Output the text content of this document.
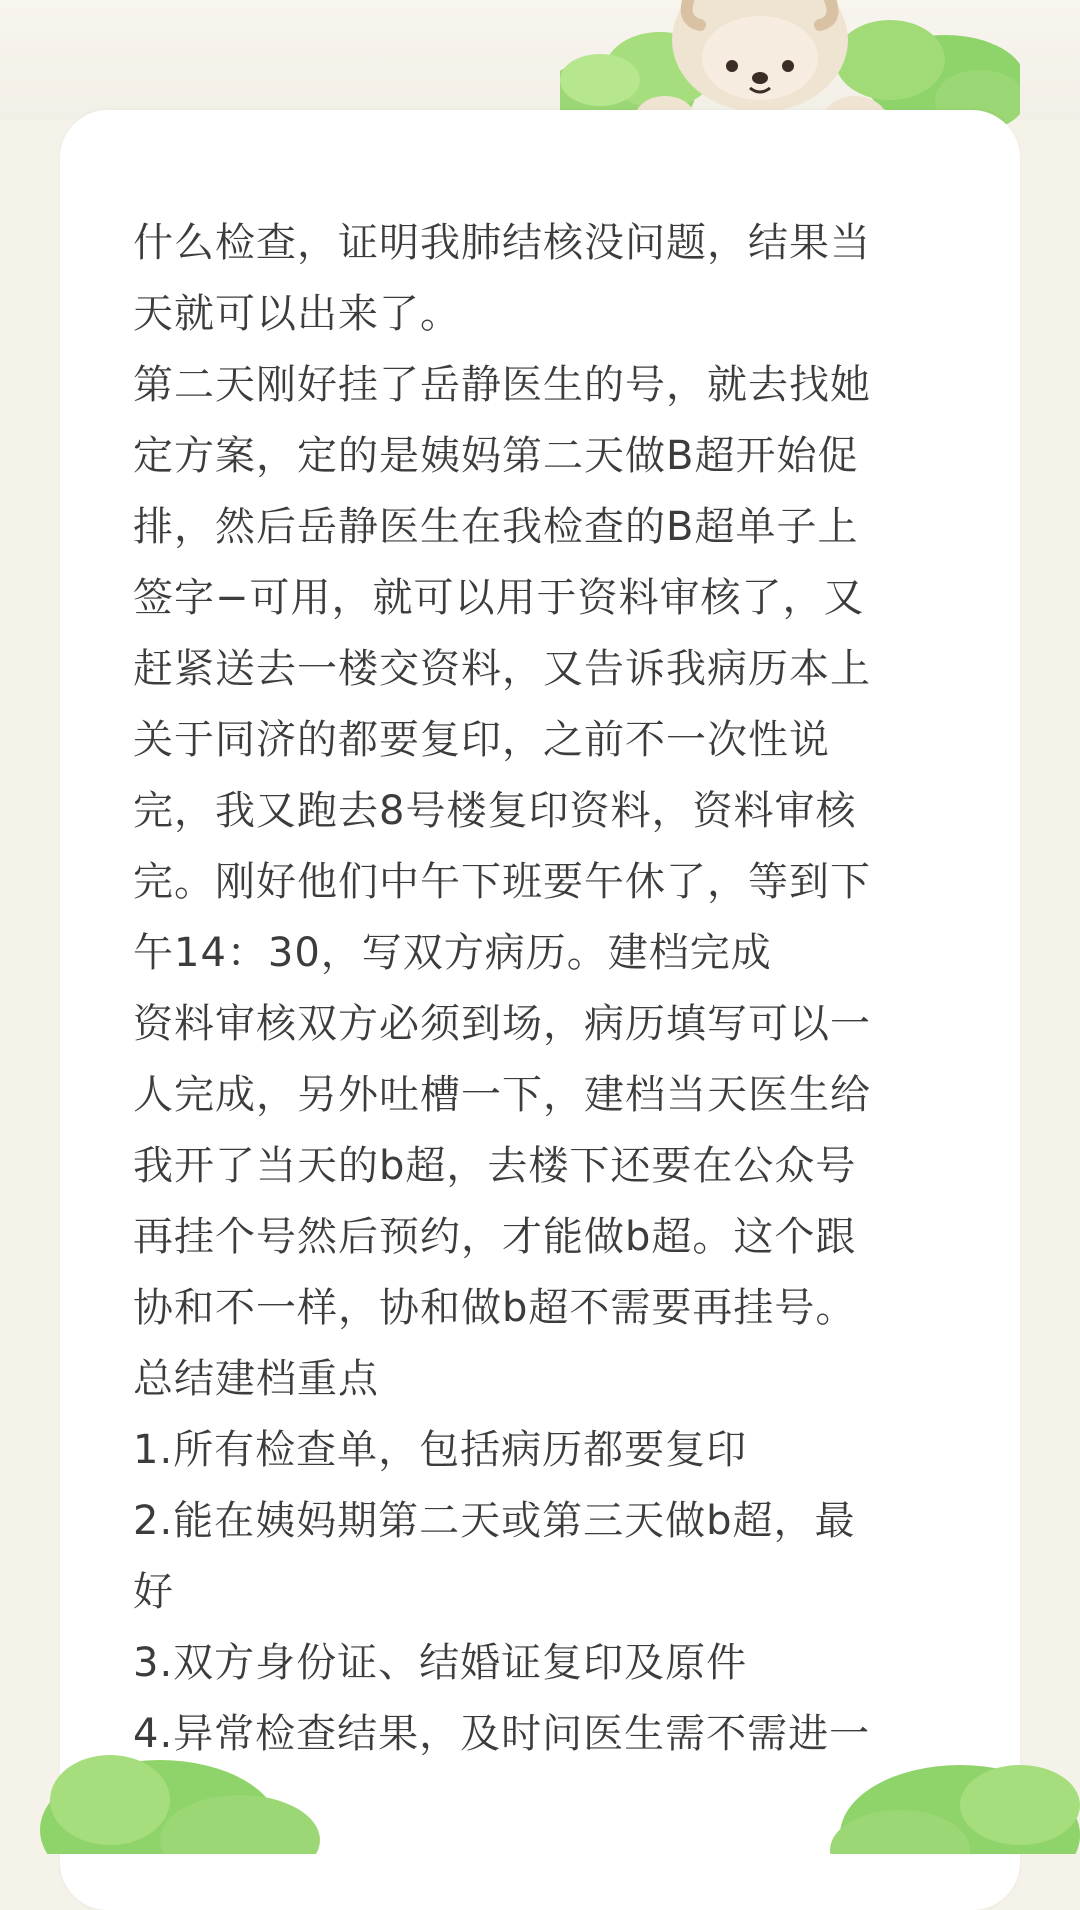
什么检查，证明我肺结核没问题，结果当
天就可以出来了。
第二天刚好挂了岳静医生的号，就去找她
定方案，定的是姨妈第二天做B超开始促
排，然后岳静医生在我检查的B超单子上
签字−可用，就可以用于资料审核了，又
赶紧送去一楼交资料，又告诉我病历本上
关于同济的都要复印，之前不一次性说
完，我又跑去8号楼复印资料，资料审核
完。刚好他们中午下班要午休了，等到下
午14：30，写双方病历。建档完成
资料审核双方必须到场，病历填写可以一
人完成，另外吐槽一下，建档当天医生给
我开了当天的b超，去楼下还要在公众号
再挂个号然后预约，才能做b超。这个跟
协和不一样，协和做b超不需要再挂号。
总结建档重点
1.所有检查单，包括病历都要复印
2.能在姨妈期第二天或第三天做b超，最
好
3.双方身份证、结婚证复印及原件
4.异常检查结果，及时问医生需不需进一
